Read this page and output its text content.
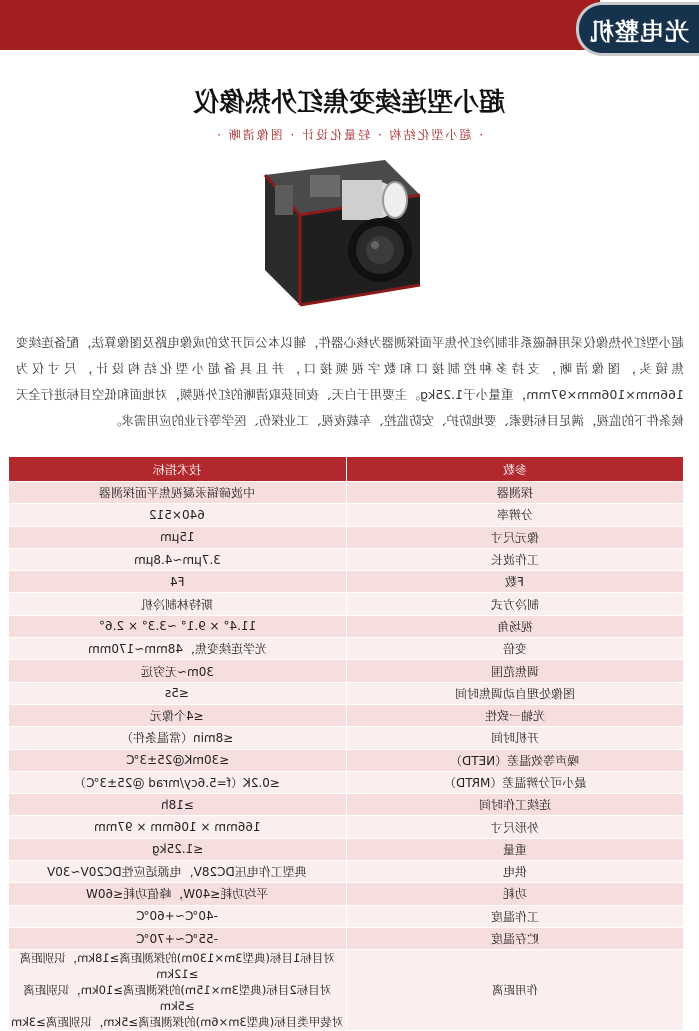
光电整机
超小型连续变焦红外热像仪
· 超小型化结构 · 轻量化设计 · 图像清晰 ·

超小型红外热像仪采用稀磁系非制冷红外焦平面探测器为核心器件，辅以本公司开发的成像电路及图像算法，配备连续变焦镜头，图像清晰，支持多种控制接口和数字视频接口，并且具备超小型化结构设计，尺寸仅为166mm×106mm×97mm，重量小于1.25kg。主要用于白天、夜间获取清晰的红外视频，对地面和低空目标进行全天候条件下的监视，满足目标搜索、要地防护、安防监控、车载夜视、工业探伤、医学等行业的应用需求。

技术指标	参数
中波碲镉汞凝视焦平面探测器	探测器
640×512	分辨率
15μm	像元尺寸
3.7μm~4.8μm	工作波长
F4	F数
斯特林制冷机	制冷方式
11.4° × 9.1° ~3.3° × 2.6°	视场角
光学连续变焦，48mm~170mm	变倍
30m~无穷远	调焦范围
≤5s	图像处理自动调焦时间
≤4个像元	光轴一致性
≤8min（常温条件）	开机时间
≤30mK@25±3℃	噪声等效温差（NETD）
≤0.2K（f=5.6cy/mrad @25±3℃）	最小可分辨温差（MRTD）
≥18h	连续工作时间
166mm × 106mm × 97mm	外形尺寸
≤1.25kg	重量
典型工作电压DC28V，电源适应性DC20V~30V	供电
平均功耗≤40W，峰值功耗≤60W	功耗
-40℃~+60℃	工作温度
-55℃~+70℃	贮存温度

对目标1目标(典型3m×130m)的探测距离≥18km，识别距离≥12km
对目标2目标(典型3m×15m)的探测距离≥10km，识别距离≥5km
对装甲类目标(典型3m×6m)的探测距离≥5km，识别距离≥3km	作用距离
